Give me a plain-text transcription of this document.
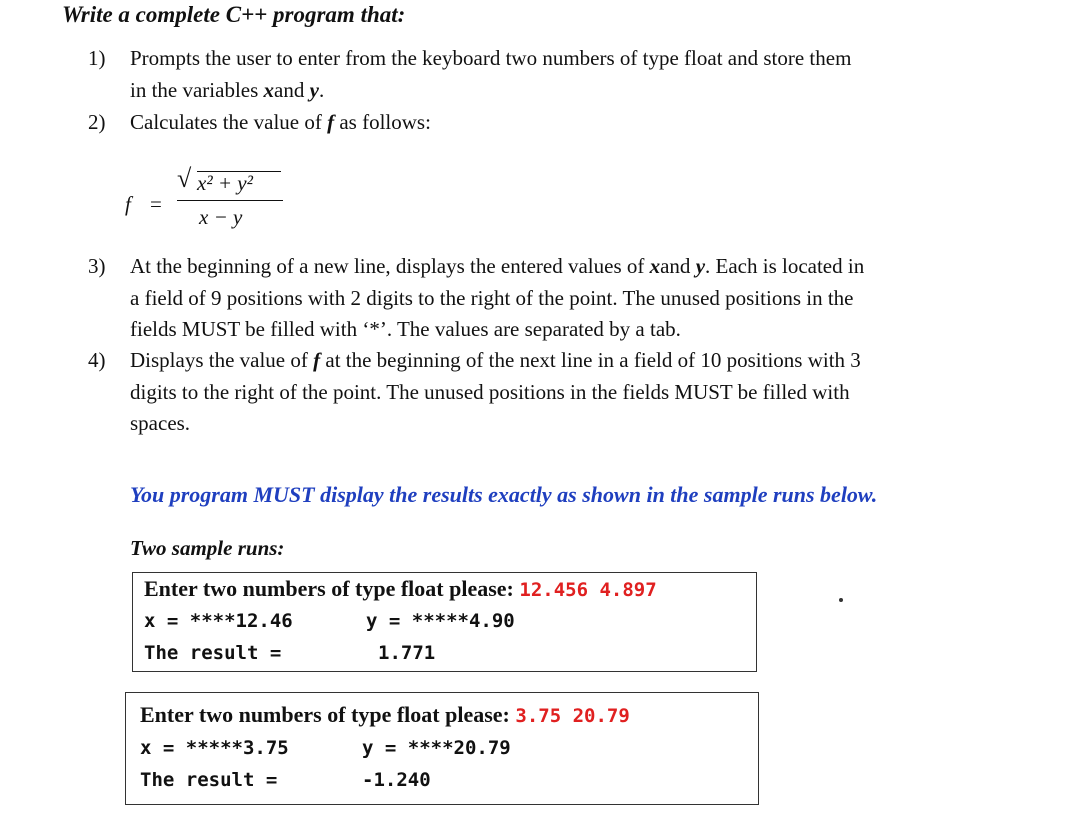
Write a complete C++ program that:
1) Prompts the user to enter from the keyboard two numbers of type float and store them
in the variables xand y.
2) Calculates the value of f as follows:
f =
√ x² + y²
x − y
3) At the beginning of a new line, displays the entered values of xand y. Each is located in
a field of 9 positions with 2 digits to the right of the point. The unused positions in the
fields MUST be filled with ‘*’. The values are separated by a tab.
4) Displays the value of f at the beginning of the next line in a field of 10 positions with 3
digits to the right of the point. The unused positions in the fields MUST be filled with
spaces.
You program MUST display the results exactly as shown in the sample runs below.
Two sample runs:
Enter two numbers of type float please: 12.456 4.897
x = ****12.46	y = *****4.90
The result =	1.771
Enter two numbers of type float please: 3.75 20.79
x = *****3.75	y = ****20.79
The result =	-1.240
